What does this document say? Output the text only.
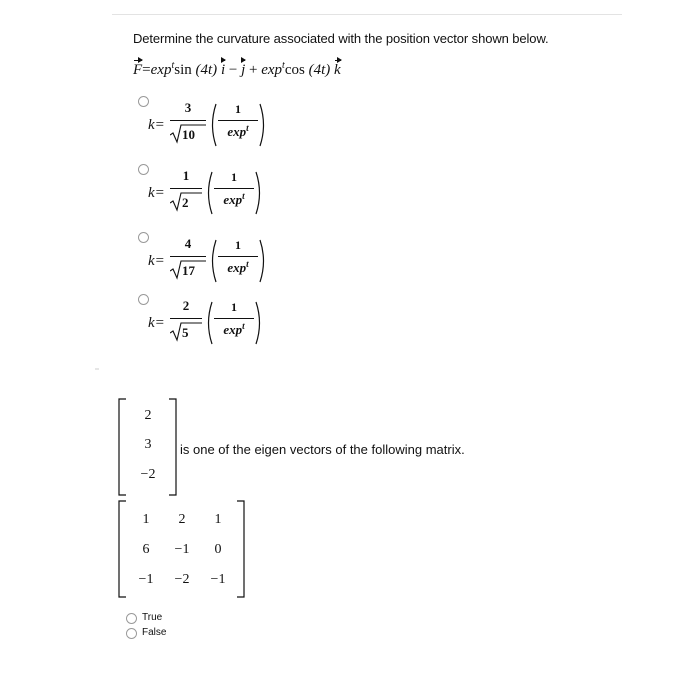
Determine the curvature associated with the position vector shown below.
$F=\exp^t\sin$ (4t) $i - j + \exp^t\cos$ (4t) k
k=
3
10
1
$\exp^t$
k=
1
2
1
$\exp^t$
k=
4
17
1
$\exp^t$
k=
2
5
1
$\exp^t$
2
3
−2
is one of the eigen vectors of the following matrix.
1	2	1
6	−1	0
−1	−2	−1
True
False
